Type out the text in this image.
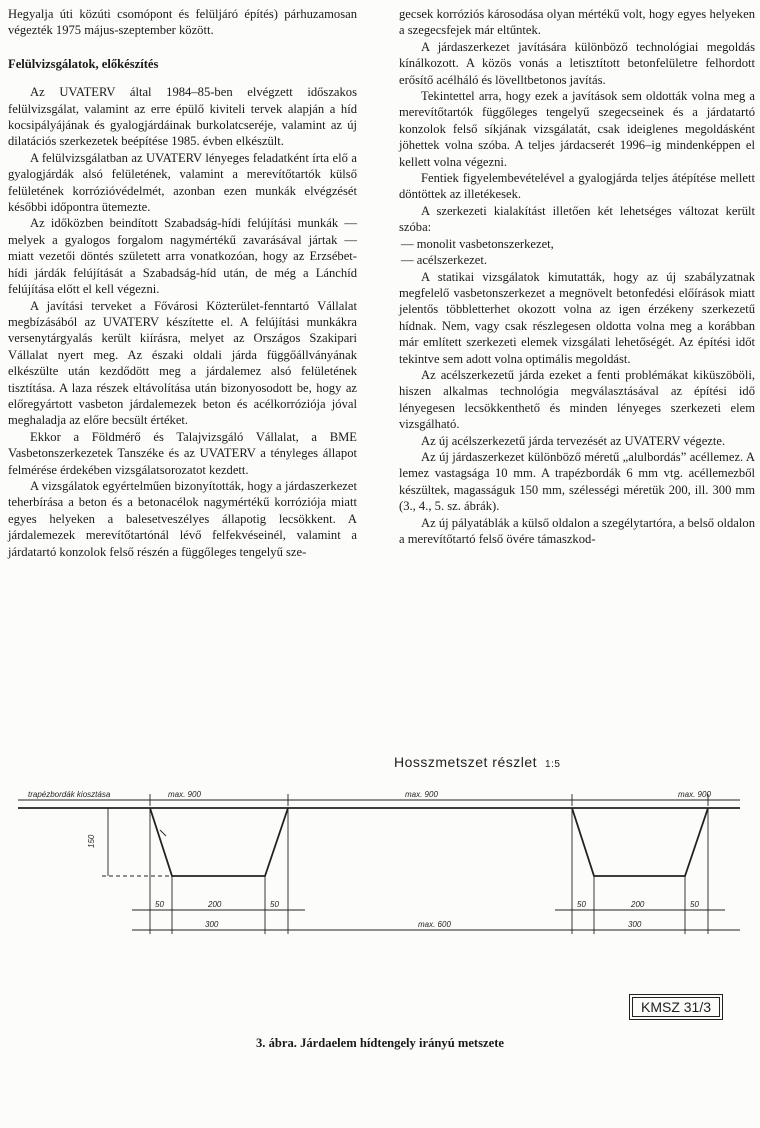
Hegyalja úti közúti csomópont és felüljáró építés) párhuzamosan végezték 1975 május-szeptember között.

Felülvizsgálatok, előkészítés

Az UVATERV által 1984–85-ben elvégzett időszakos felülvizsgálat, valamint az erre épülő kiviteli tervek alapján a híd kocsipályájának és gyalogjárdáinak burkolatcseréje, valamint az új dilatációs szerkezetek beépítése 1985. évben elkészült.

A felülvizsgálatban az UVATERV lényeges feladatként írta elő a gyalogjárdák alsó felületének, valamint a merevítőtartók külső felületének korrózióvédelmét, azonban ezen munkák elvégzését későbbi időpontra ütemezte.

Az időközben beindított Szabadság-hídi felújítási munkák — melyek a gyalogos forgalom nagymértékű zavarásával jártak — miatt vezetői döntés született arra vonatkozóan, hogy az Erzsébet-hídi járdák felújítását a Szabadság-híd után, de még a Lánchíd felújítása előtt el kell végezni.

A javítási terveket a Fővárosi Közterület-fenntartó Vállalat megbízásából az UVATERV készítette el. A felújítási munkákra versenytárgyalás került kiírásra, melyet az Országos Szakipari Vállalat nyert meg. Az északi oldali járda függőállványának elkészülte után kezdődött meg a járdalemez alsó felületének tisztítása. A laza részek eltávolítása után bizonyosodott be, hogy az előregyártott vasbeton járdalemezek beton és acélkorróziója jóval meghaladja az előre becsült értéket.

Ekkor a Földmérő és Talajvizsgáló Vállalat, a BME Vasbetonszerkezetek Tanszéke és az UVATERV a tényleges állapot felmérése érdekében vizsgálatsorozatot kezdett.

A vizsgálatok egyértelműen bizonyították, hogy a járdaszerkezet teherbírása a beton és a betonacélok nagymértékű korróziója miatt egyes helyeken a balesetveszélyes állapotig lecsökkent. A járdalemezek merevítőtartónál lévő felfekvéseinél, valamint a járdatartó konzolok felső részén a függőleges tengelyű sze-

gecsek korróziós károsodása olyan mértékű volt, hogy egyes helyeken a szegecsfejek már eltűntek.

A járdaszerkezet javítására különböző technológiai megoldás kínálkozott. A közös vonás a letisztított betonfelületre felhordott erősítő acélháló és lövelltbetonos javítás.

Tekintettel arra, hogy ezek a javítások sem oldották volna meg a merevítőtartók függőleges tengelyű szegecseinek és a járdatartó konzolok felső síkjának vizsgálatát, csak ideiglenes megoldásként jöhettek volna szóba. A teljes járdacserét 1996–ig mindenképpen el kellett volna végezni.

Fentiek figyelembevételével a gyalogjárda teljes átépítése mellett döntöttek az illetékesek.

A szerkezeti kialakítást illetően két lehetséges változat került szóba:

— monolit vasbetonszerkezet,
— acélszerkezet.

A statikai vizsgálatok kimutatták, hogy az új szabályzatnak megfelelő vasbetonszerkezet a megnövelt betonfedési előírások miatt jelentős többletterhet okozott volna az igen érzékeny szerkezetű hídnak. Nem, vagy csak részlegesen oldotta volna meg a korábban már említett szerkezeti elemek vizsgálati lehetőségét. Az építési időt tekintve sem adott volna optimális megoldást.

Az acélszerkezetű járda ezeket a fenti problémákat kiküszöböli, hiszen alkalmas technológia megválasztásával az építési idő lényegesen lecsökkenthető és minden lényeges szerkezeti elem vizsgálható.

Az új acélszerkezetű járda tervezését az UVATERV végezte.

Az új járdaszerkezet különböző méretű „alulbordás” acéllemez. A lemez vastagsága 10 mm. A trapézbordák 6 mm vtg. acéllemezből készültek, magasságuk 150 mm, szélességi méretük 200, ill. 300 mm (3., 4., 5. sz. ábrák).

Az új pályatáblák a külső oldalon a szegélytartóra, a belső oldalon a merevítőtartó felső övére támaszkod-

Hosszmetszet részlet 1:5
trapézbordák kiosztása	max. 900	max. 900	max. 900
150
50	200	50	50	200	50
300	max. 600	300
KMSZ 31/3
3. ábra. Járdaelem hídtengely irányú metszete
